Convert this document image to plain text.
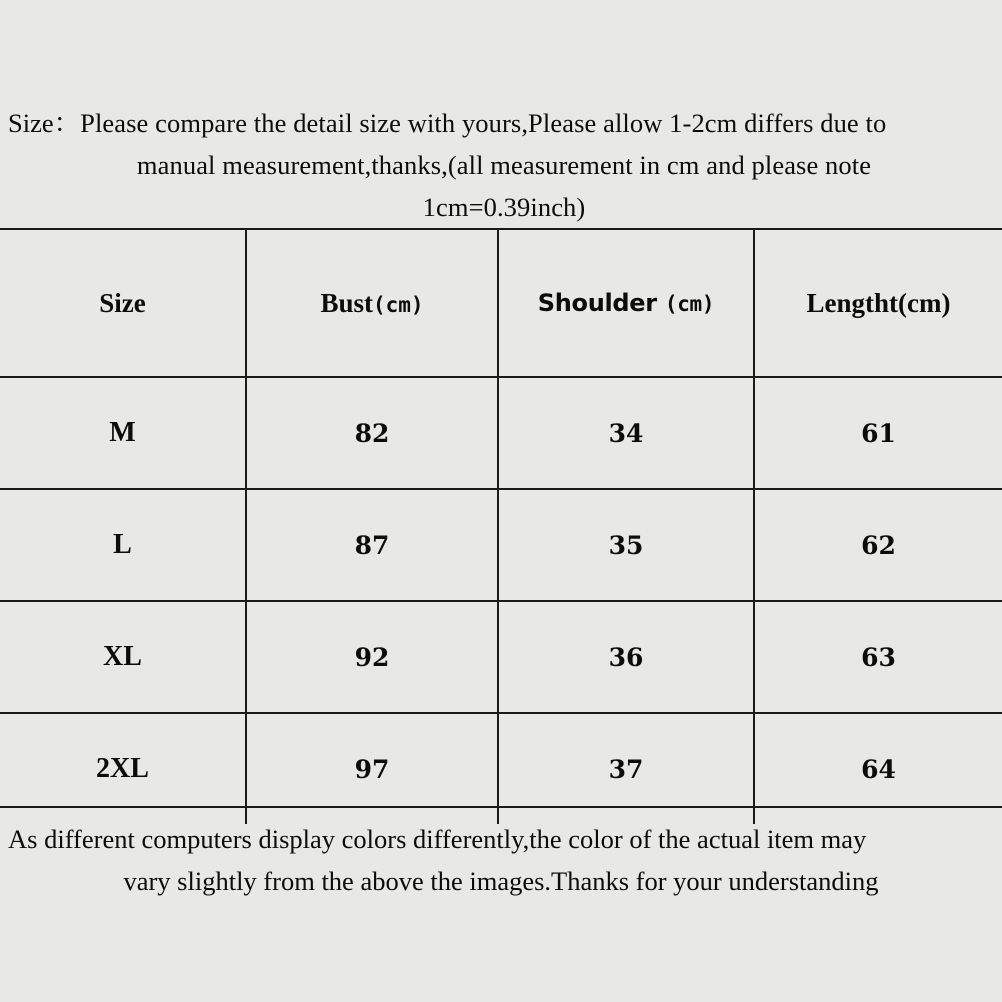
Size：Please compare the detail size with yours,Please allow 1-2cm differs due to
manual measurement,thanks,(all measurement in cm and please note
1cm=0.39inch)
Size	Bust(cm)	Shoulder (cm)	Lengtht(cm)
M	82	34	61
L	87	35	62
XL	92	36	63
2XL	97	37	64
As different computers display colors differently,the color of the actual item may
vary slightly from the above the images.Thanks for your understanding
